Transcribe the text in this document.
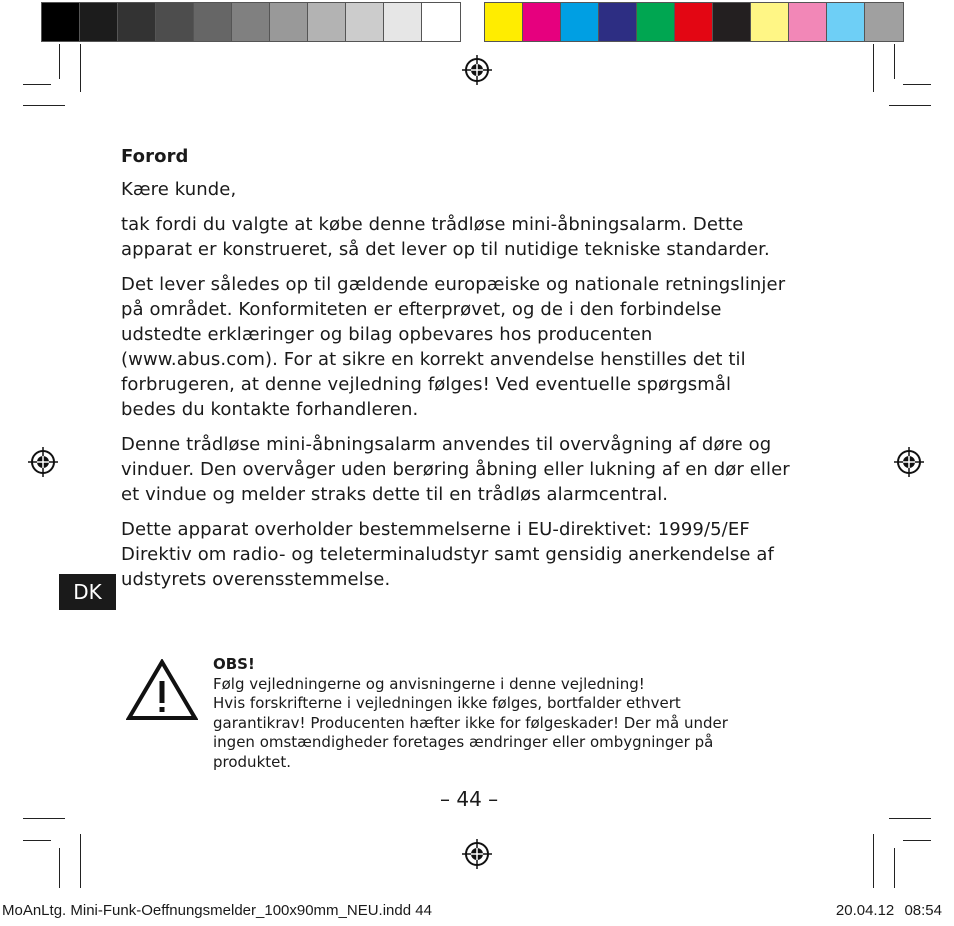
Forord

Kære kunde,

tak fordi du valgte at købe denne trådløse mini-åbningsalarm. Dette apparat er konstrueret, så det lever op til nutidige tekniske standarder.

Det lever således op til gældende europæiske og nationale retningslinjer på området. Konformiteten er efterprøvet, og de i den forbindelse udstedte erklæringer og bilag opbevares hos producenten (www.abus.com). For at sikre en korrekt anvendelse henstilles det til forbrugeren, at denne vejledning følges! Ved eventuelle spørgsmål bedes du kontakte forhandleren.

Denne trådløse mini-åbningsalarm anvendes til overvågning af døre og vinduer. Den overvåger uden berøring åbning eller lukning af en dør eller et vindue og melder straks dette til en trådløs alarmcentral.

Dette apparat overholder bestemmelserne i EU-direktivet: 1999/5/EF Direktiv om radio- og teleterminaludstyr samt gensidig anerkendelse af udstyrets overensstemmelse.

DK
OBS!
Følg vejledningerne og anvisningerne i denne vejledning!
Hvis forskrifterne i vejledningen ikke følges, bortfalder ethvert garantikrav! Producenten hæfter ikke for følgeskader! Der må under ingen omstændigheder foretages ændringer eller ombygninger på produktet.
– 44 –
MoAnLtg. Mini-Funk-Oeffnungsmelder_100x90mm_NEU.indd 44	20.04.12 08:54
